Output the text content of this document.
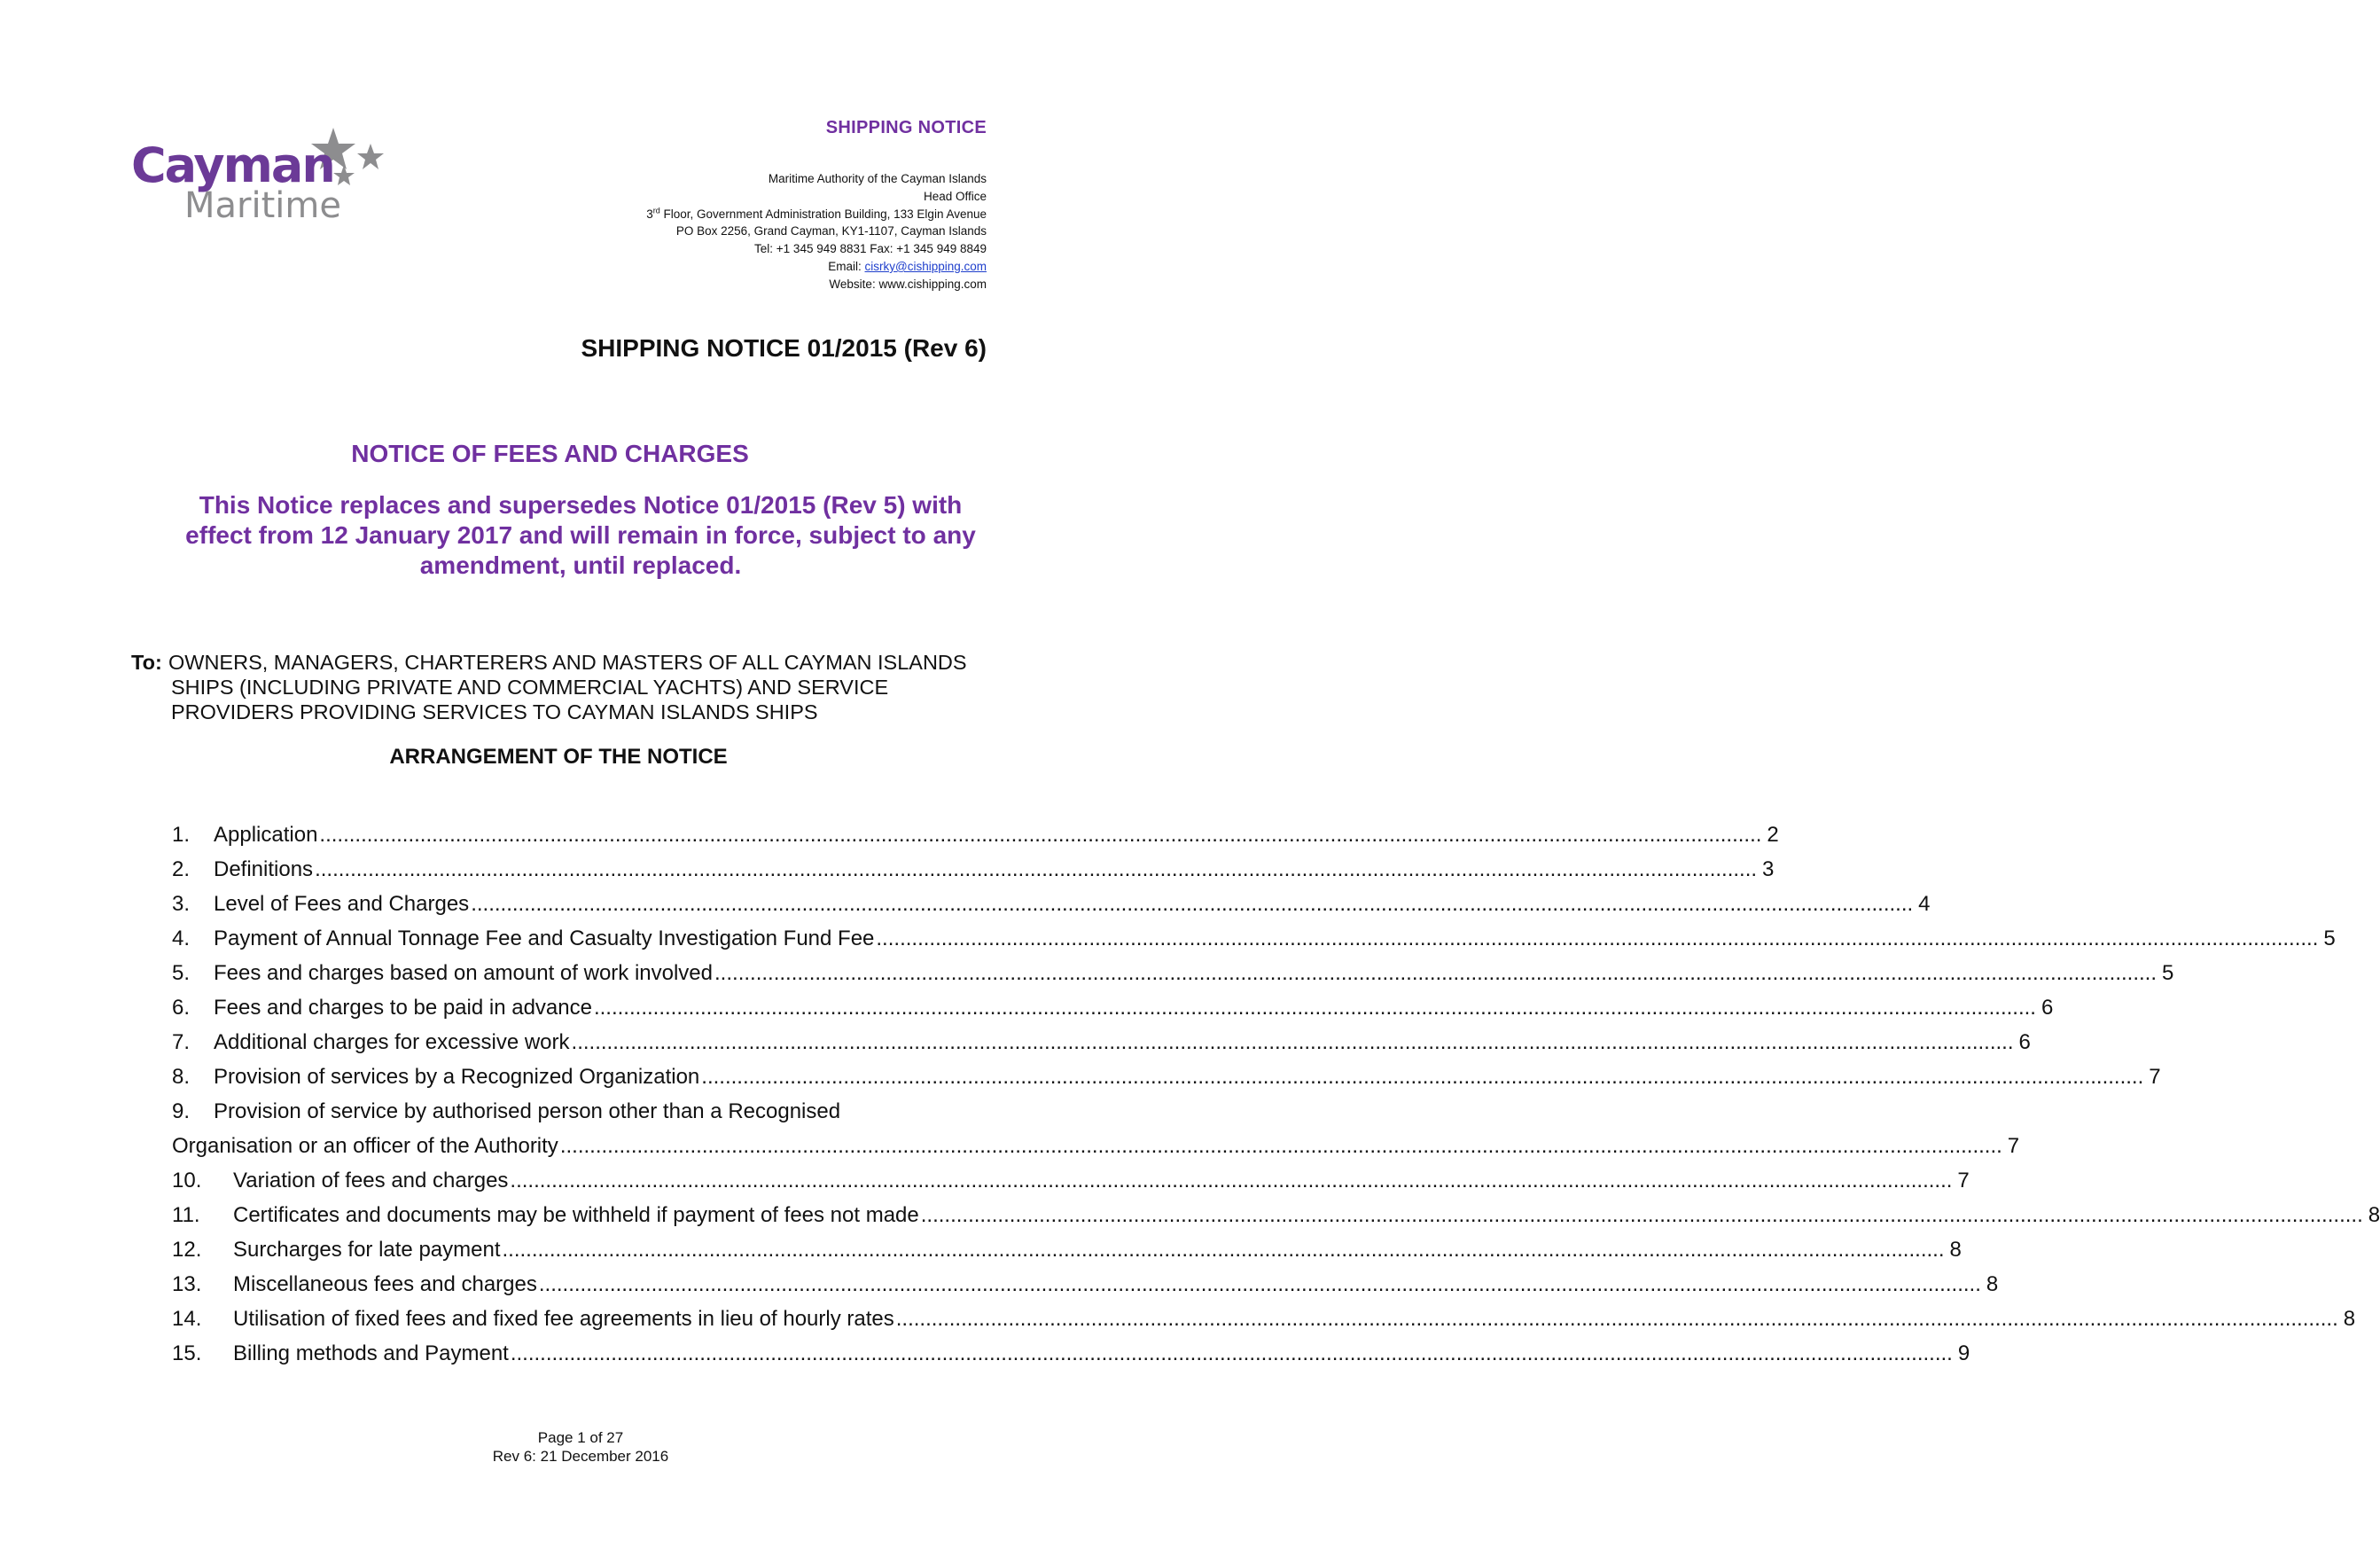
Cayman
Maritime
SHIPPING NOTICE
Maritime Authority of the Cayman Islands
Head Office
3rd Floor, Government Administration Building, 133 Elgin Avenue
PO Box 2256, Grand Cayman, KY1-1107, Cayman Islands
Tel: +1 345 949 8831 Fax: +1 345 949 8849
Email: cisrky@cishipping.com
Website: www.cishipping.com
SHIPPING NOTICE 01/2015 (Rev 6)
NOTICE OF FEES AND CHARGES
This Notice replaces and supersedes Notice 01/2015 (Rev 5) with effect from 12 January 2017 and will remain in force, subject to any amendment, until replaced.
To: OWNERS, MANAGERS, CHARTERERS AND MASTERS OF ALL CAYMAN ISLANDS SHIPS (INCLUDING PRIVATE AND COMMERCIAL YACHTS) AND SERVICE PROVIDERS PROVIDING SERVICES TO CAYMAN ISLANDS SHIPS
ARRANGEMENT OF THE NOTICE
1.	Application .....	2
2.	Definitions .....	3
3.	Level of Fees and Charges .....	4
4.	Payment of Annual Tonnage Fee and Casualty Investigation Fund Fee .....	5
5.	Fees and charges based on amount of work involved .....	5
6.	Fees and charges to be paid in advance .....	6
7.	Additional charges for excessive work .....	6
8.	Provision of services by a Recognized Organization .....	7
9. Provision of service by authorised person other than a Recognised
Organisation or an officer of the Authority .....	7
10.	Variation of fees and charges .....	7
11.	Certificates and documents may be withheld if payment of fees not made .....	8
12.	Surcharges for late payment .....	8
13.	Miscellaneous fees and charges .....	8
14.	Utilisation of fixed fees and fixed fee agreements in lieu of hourly rates .....	8
15.	Billing methods and Payment .....	9
Page 1 of 27
Rev 6: 21 December 2016
